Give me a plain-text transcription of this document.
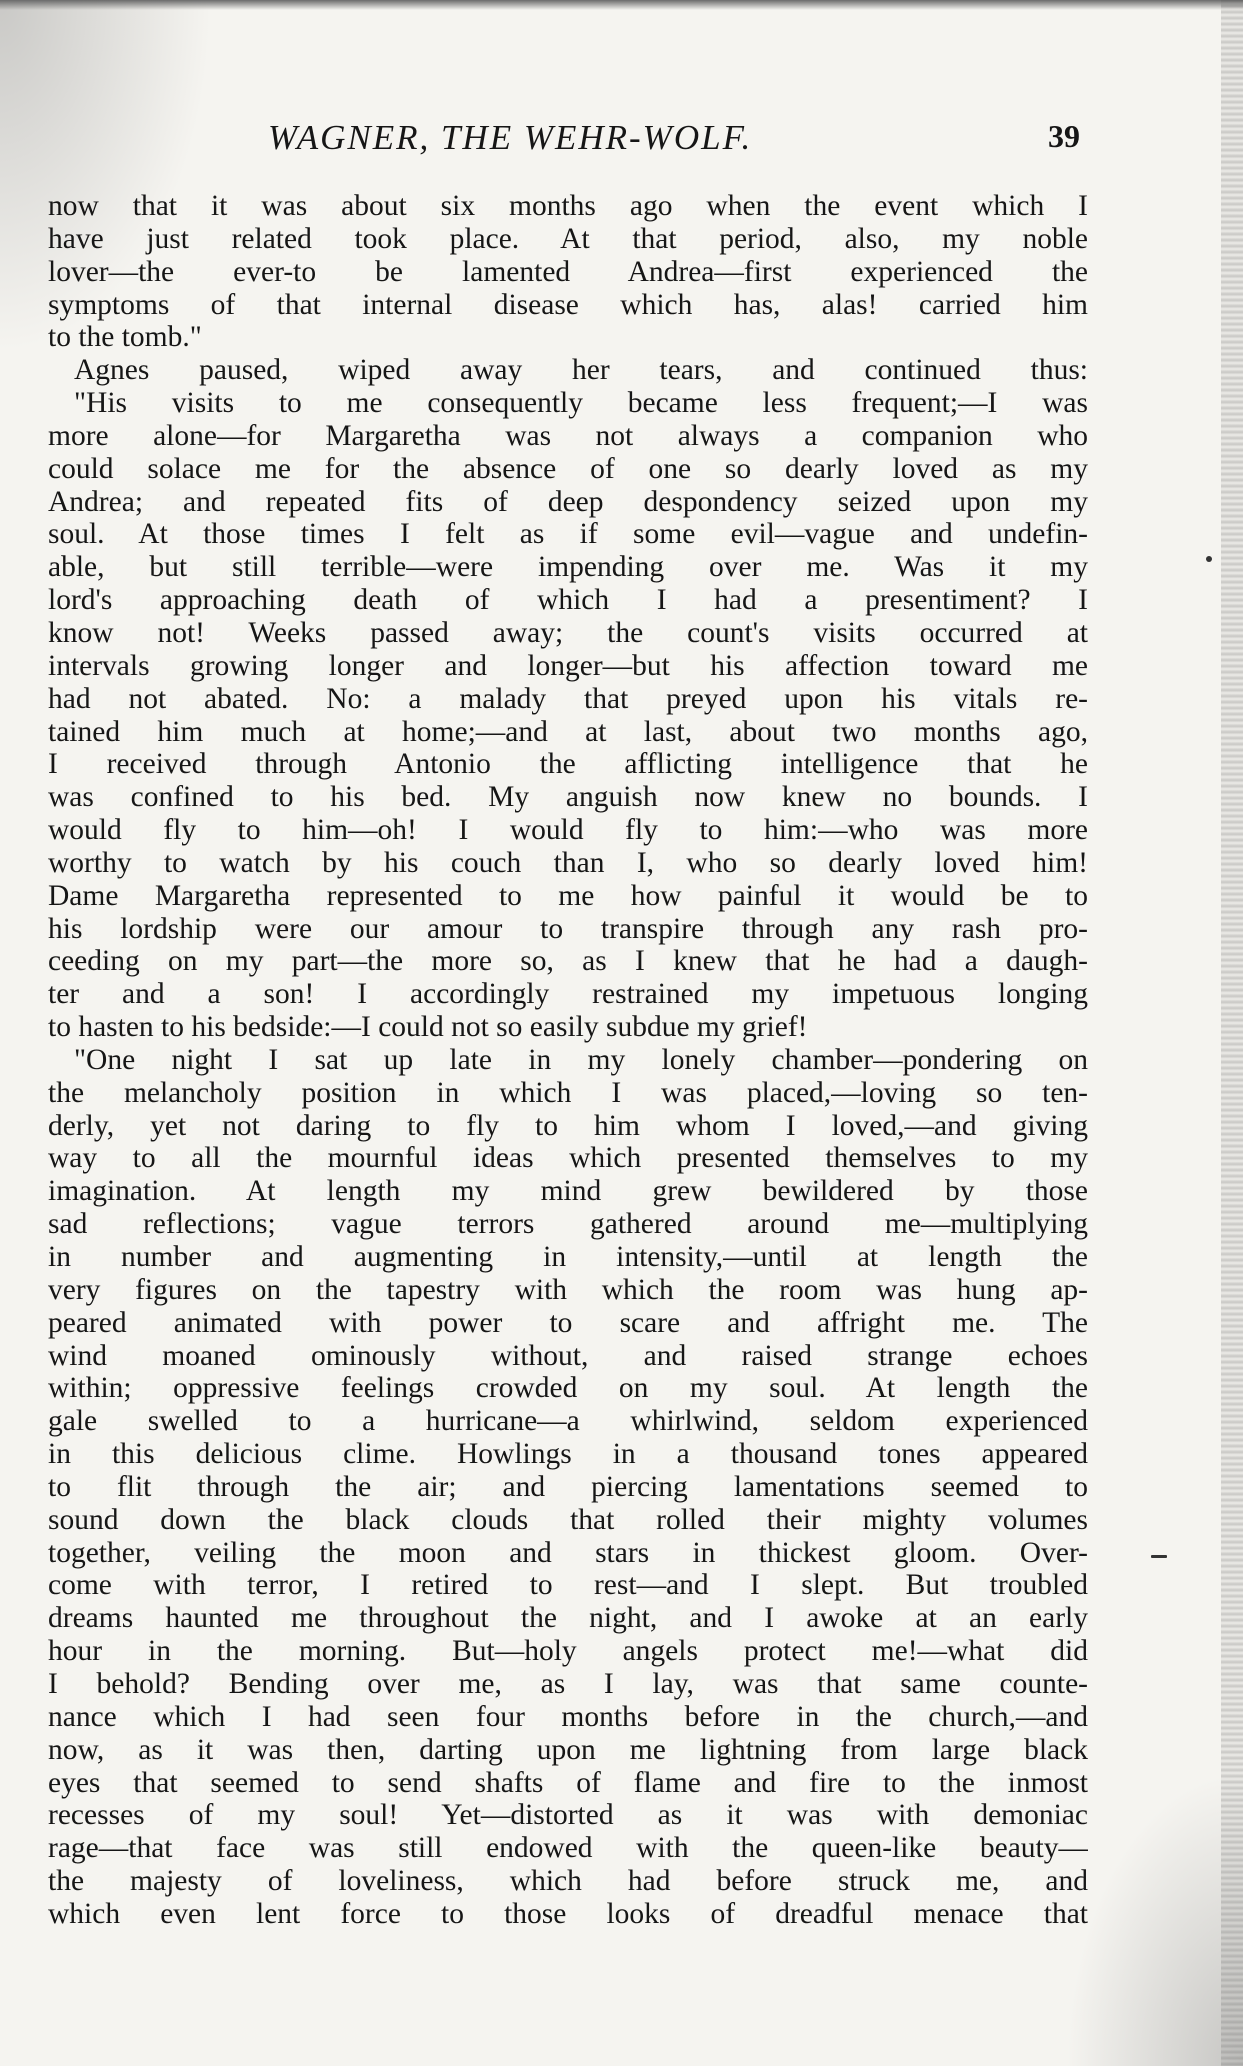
WAGNER, THE WEHR-WOLF.	39
now that it was about six months ago when the event which I
have just related took place. At that period, also, my noble
lover—the ever-to be lamented Andrea—first experienced the
symptoms of that internal disease which has, alas! carried him
to the tomb."
Agnes paused, wiped away her tears, and continued thus:
"His visits to me consequently became less frequent;—I was
more alone—for Margaretha was not always a companion who
could solace me for the absence of one so dearly loved as my
Andrea; and repeated fits of deep despondency seized upon my
soul. At those times I felt as if some evil—vague and undefin-
able, but still terrible—were impending over me. Was it my
lord's approaching death of which I had a presentiment? I
know not! Weeks passed away; the count's visits occurred at
intervals growing longer and longer—but his affection toward me
had not abated. No: a malady that preyed upon his vitals re-
tained him much at home;—and at last, about two months ago,
I received through Antonio the afflicting intelligence that he
was confined to his bed. My anguish now knew no bounds. I
would fly to him—oh! I would fly to him:—who was more
worthy to watch by his couch than I, who so dearly loved him!
Dame Margaretha represented to me how painful it would be to
his lordship were our amour to transpire through any rash pro-
ceeding on my part—the more so, as I knew that he had a daugh-
ter and a son! I accordingly restrained my impetuous longing
to hasten to his bedside:—I could not so easily subdue my grief!
"One night I sat up late in my lonely chamber—pondering on
the melancholy position in which I was placed,—loving so ten-
derly, yet not daring to fly to him whom I loved,—and giving
way to all the mournful ideas which presented themselves to my
imagination. At length my mind grew bewildered by those
sad reflections; vague terrors gathered around me—multiplying
in number and augmenting in intensity,—until at length the
very figures on the tapestry with which the room was hung ap-
peared animated with power to scare and affright me. The
wind moaned ominously without, and raised strange echoes
within; oppressive feelings crowded on my soul. At length the
gale swelled to a hurricane—a whirlwind, seldom experienced
in this delicious clime. Howlings in a thousand tones appeared
to flit through the air; and piercing lamentations seemed to
sound down the black clouds that rolled their mighty volumes
together, veiling the moon and stars in thickest gloom. Over-
come with terror, I retired to rest—and I slept. But troubled
dreams haunted me throughout the night, and I awoke at an early
hour in the morning. But—holy angels protect me!—what did
I behold? Bending over me, as I lay, was that same counte-
nance which I had seen four months before in the church,—and
now, as it was then, darting upon me lightning from large black
eyes that seemed to send shafts of flame and fire to the inmost
recesses of my soul! Yet—distorted as it was with demoniac
rage—that face was still endowed with the queen-like beauty—
the majesty of loveliness, which had before struck me, and
which even lent force to those looks of dreadful menace that
